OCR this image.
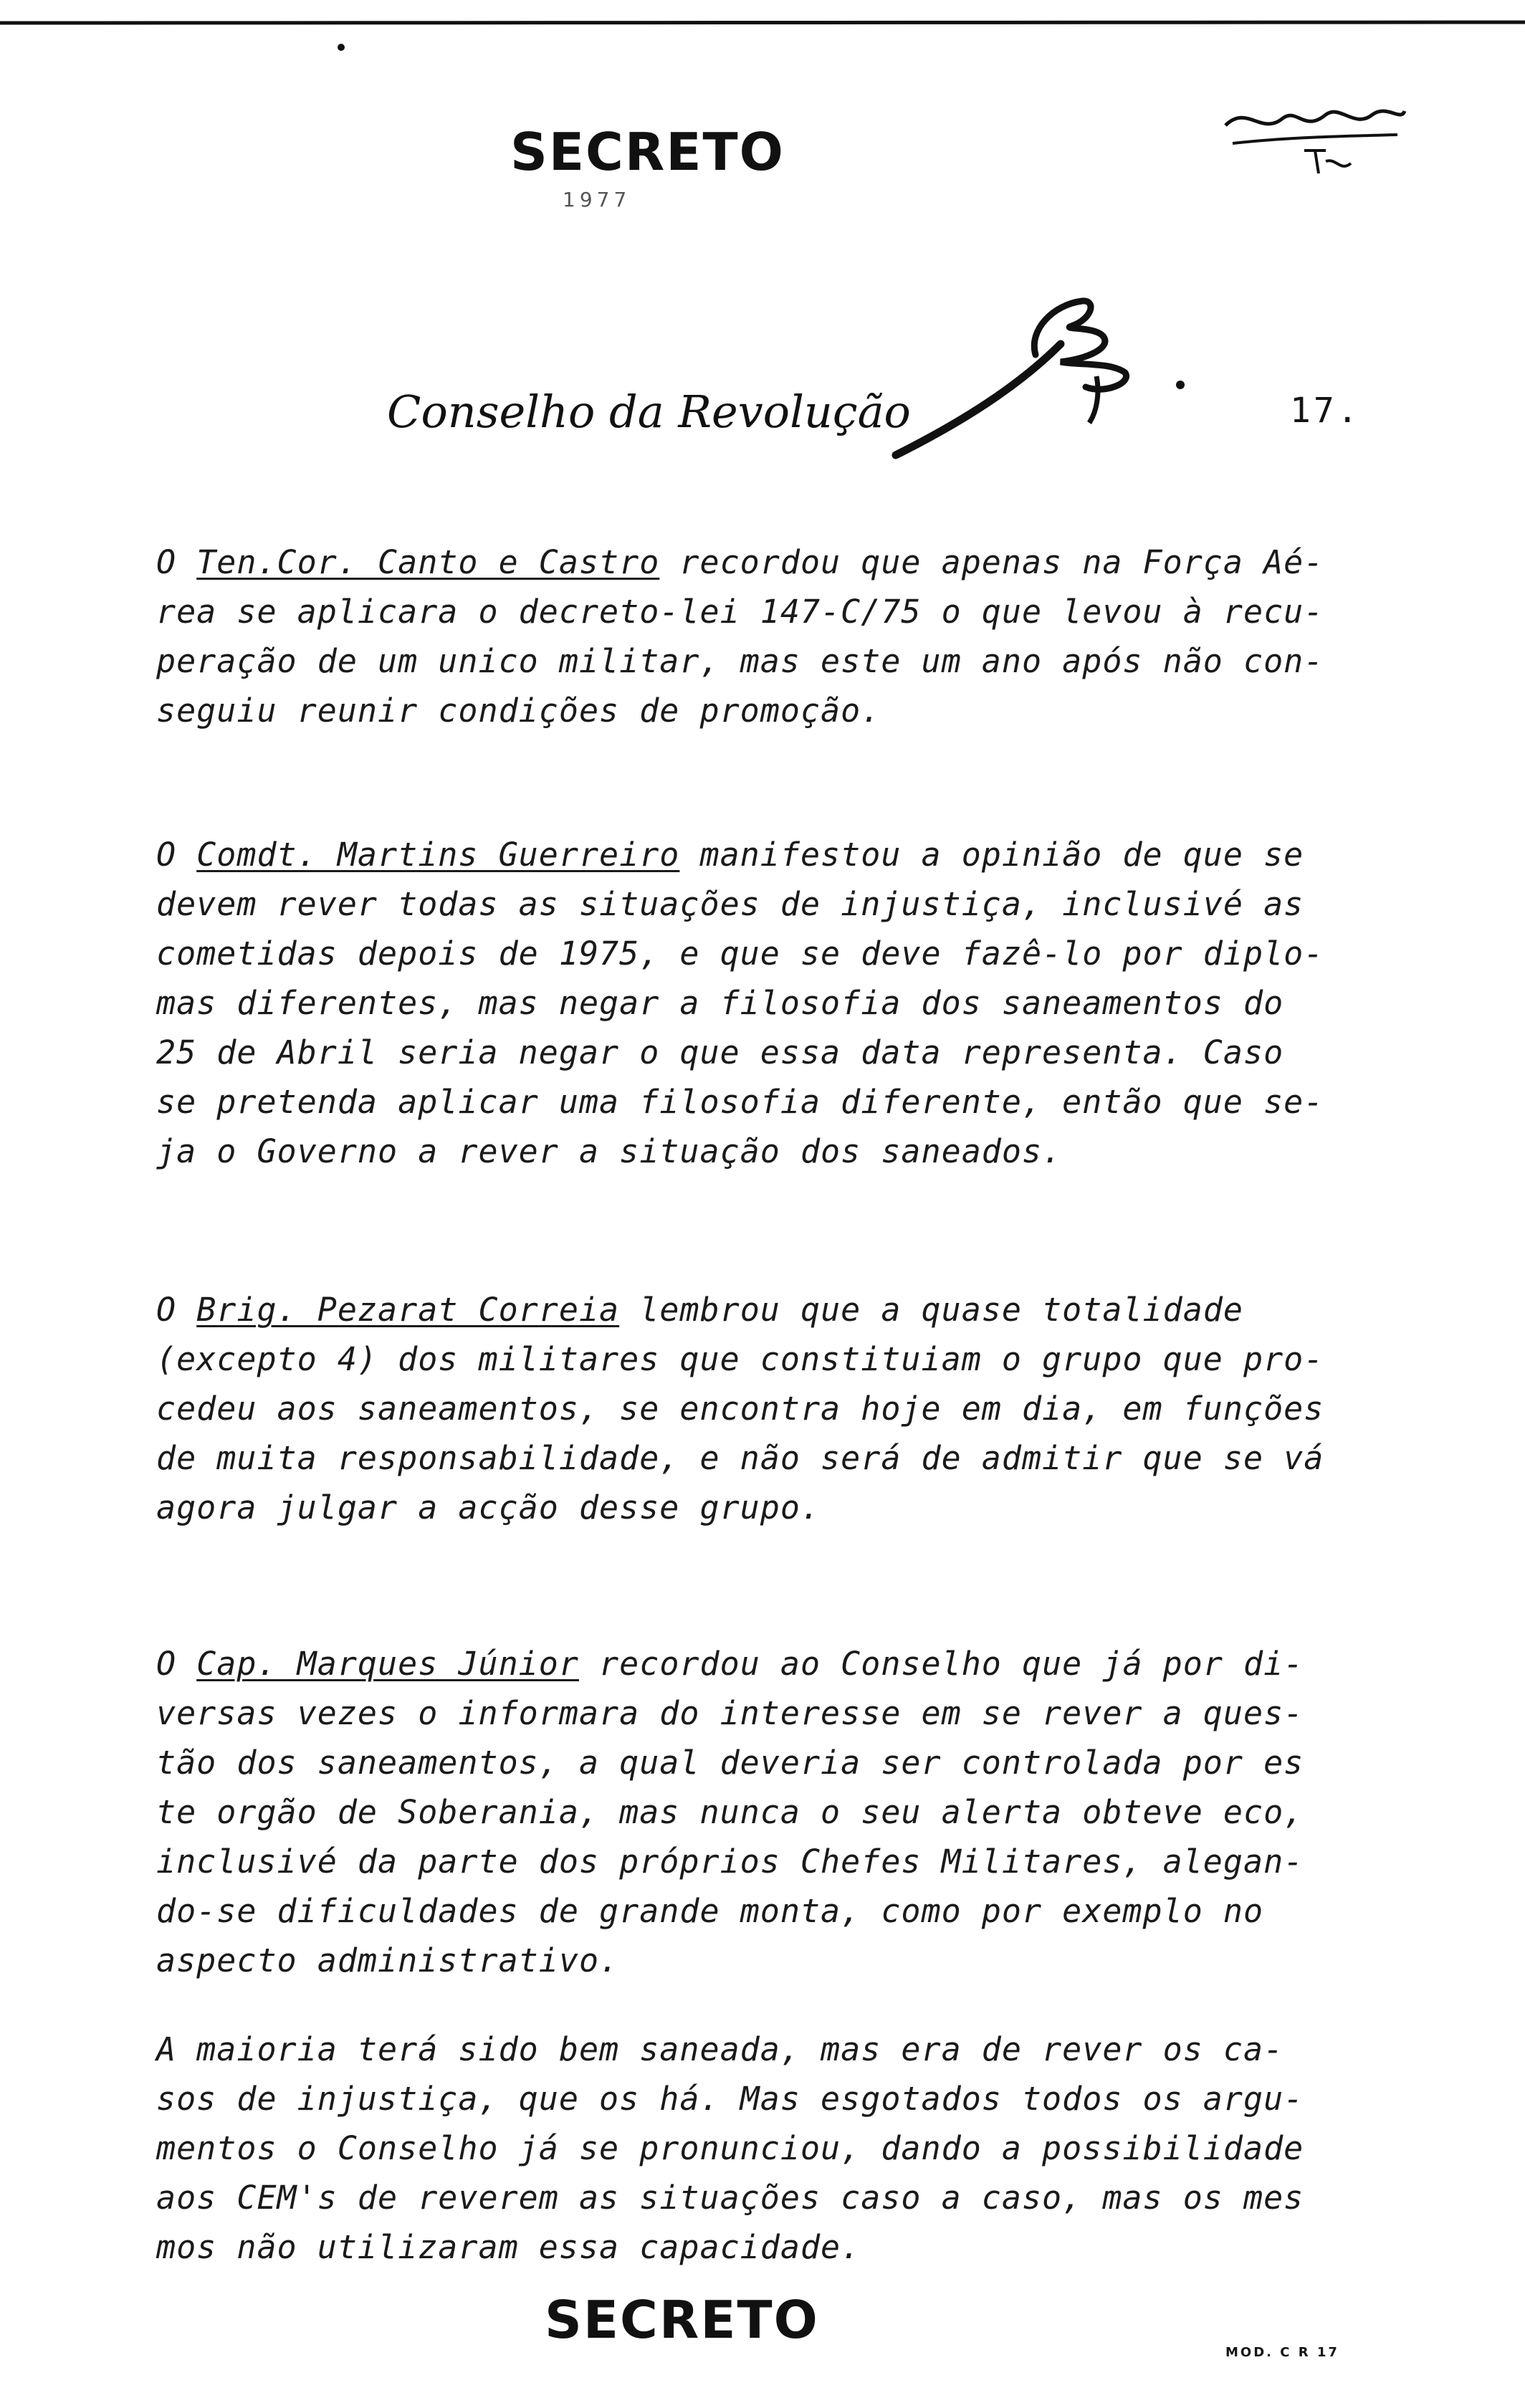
SECRETO
1977
Conselho da Revolução	17.
O Ten.Cor. Canto e Castro recordou que apenas na Força Aé-
rea se aplicara o decreto-lei 147-C/75 o que levou à recu-
peração de um unico militar, mas este um ano após não con-
seguiu reunir condições de promoção.
O Comdt. Martins Guerreiro manifestou a opinião de que se
devem rever todas as situações de injustiça, inclusivé as
cometidas depois de 1975, e que se deve fazê-lo por diplo-
mas diferentes, mas negar a filosofia dos saneamentos do
25 de Abril seria negar o que essa data representa. Caso
se pretenda aplicar uma filosofia diferente, então que se-
ja o Governo a rever a situação dos saneados.
O Brig. Pezarat Correia lembrou que a quase totalidade
(excepto 4) dos militares que constituiam o grupo que pro-
cedeu aos saneamentos, se encontra hoje em dia, em funções
de muita responsabilidade, e não será de admitir que se vá
agora julgar a acção desse grupo.
O Cap. Marques Júnior recordou ao Conselho que já por di-
versas vezes o informara do interesse em se rever a ques-
tão dos saneamentos, a qual deveria ser controlada por es
te orgão de Soberania, mas nunca o seu alerta obteve eco,
inclusivé da parte dos próprios Chefes Militares, alegan-
do-se dificuldades de grande monta, como por exemplo no
aspecto administrativo.
A maioria terá sido bem saneada, mas era de rever os ca-
sos de injustiça, que os há. Mas esgotados todos os argu-
mentos o Conselho já se pronunciou, dando a possibilidade
aos CEM's de reverem as situações caso a caso, mas os mes
mos não utilizaram essa capacidade.
SECRETO
MOD. C R 17
